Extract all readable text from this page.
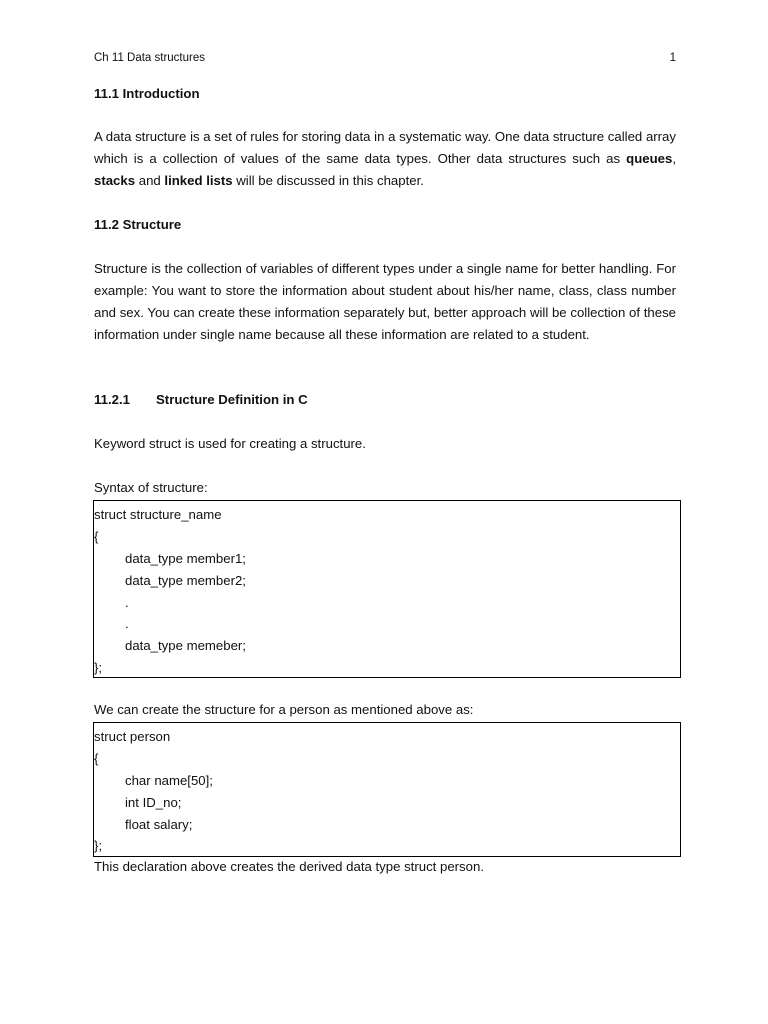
Ch 11 Data structures	1
11.1 Introduction
A data structure is a set of rules for storing data in a systematic way. One data structure called array which is a collection of values of the same data types. Other data structures such as queues, stacks and linked lists will be discussed in this chapter.
11.2 Structure
Structure is the collection of variables of different types under a single name for better handling. For example: You want to store the information about student about his/her name, class, class number and sex. You can create these information separately but, better approach will be collection of these information under single name because all these information are related to a student.
11.2.1 Structure Definition in C
Keyword struct is used for creating a structure.
Syntax of structure:
struct structure_name
{
data_type member1;
data_type member2;
.
.
data_type memeber;
};
We can create the structure for a person as mentioned above as:
struct person
{
char name[50];
int ID_no;
float salary;
};
This declaration above creates the derived data type struct person.
